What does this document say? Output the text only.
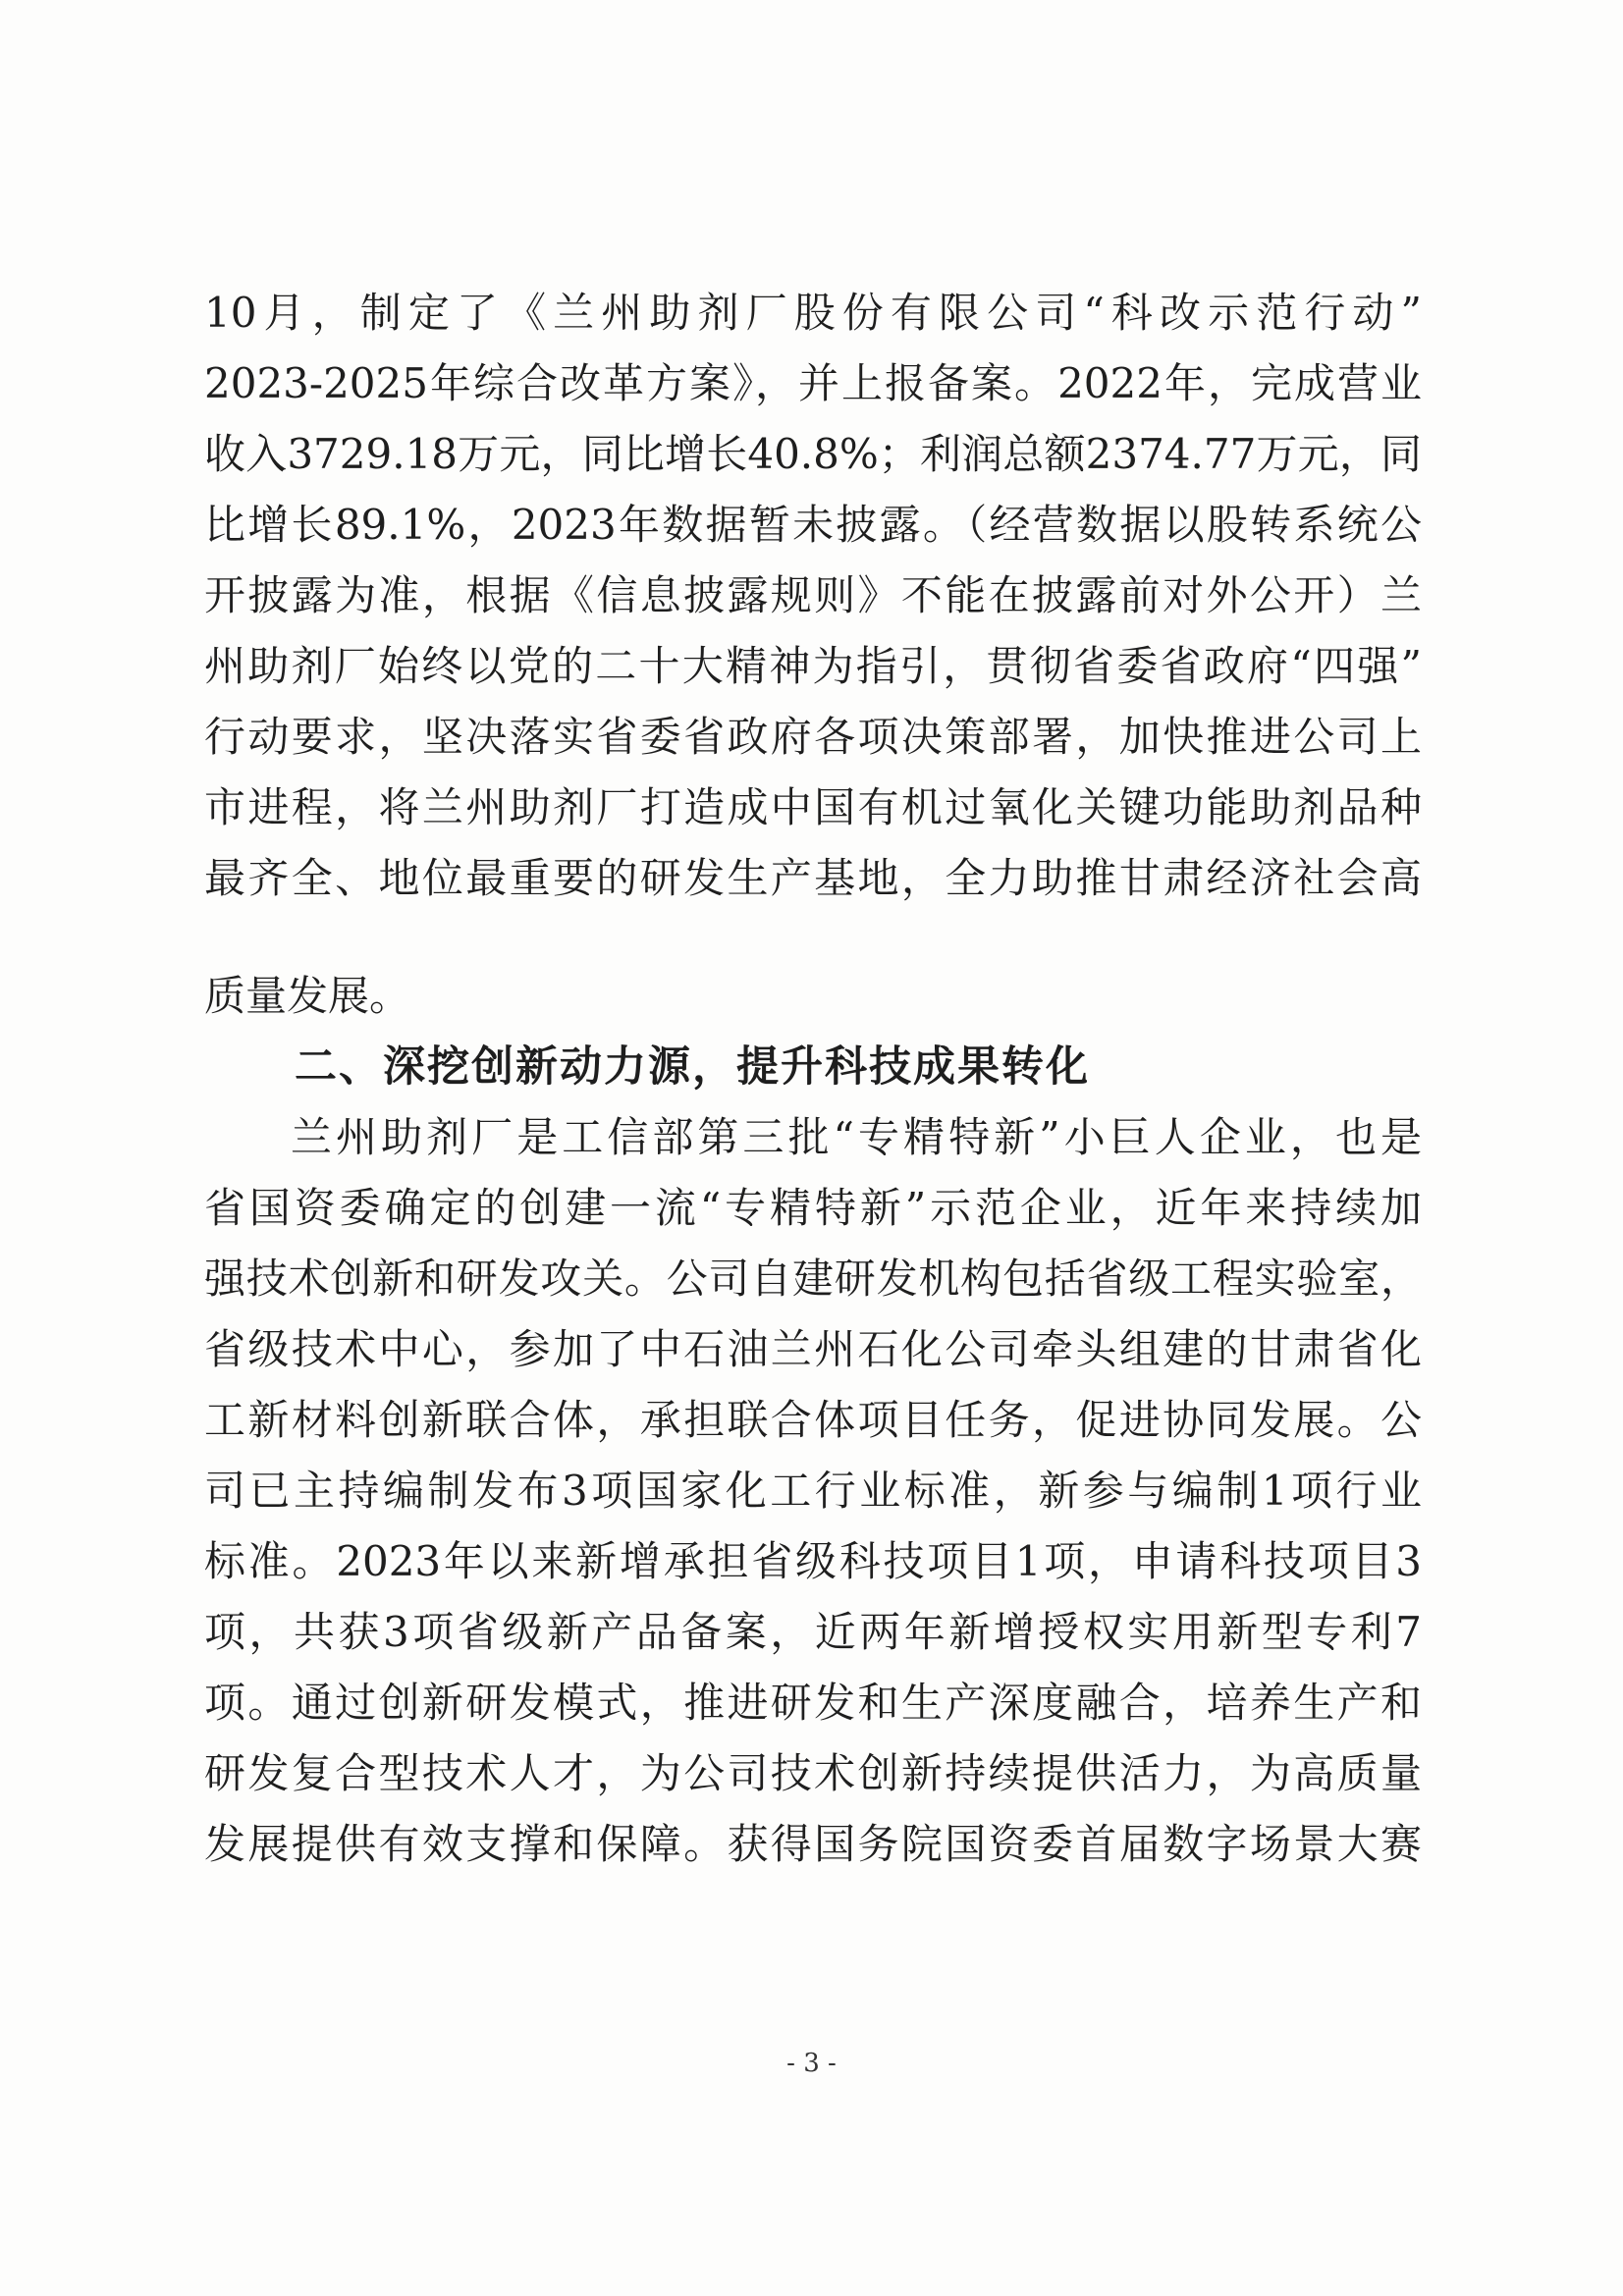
10月，制定了《兰州助剂厂股份有限公司“科改示范行动”
2023-2025年综合改革方案》，并上报备案。2022年，完成营业
收入3729.18万元，同比增长40.8%；利润总额2374.77万元，同
比增长89.1%，2023年数据暂未披露。（经营数据以股转系统公
开披露为准，根据《信息披露规则》不能在披露前对外公开）兰
州助剂厂始终以党的二十大精神为指引，贯彻省委省政府“四强”
行动要求，坚决落实省委省政府各项决策部署，加快推进公司上
市进程，将兰州助剂厂打造成中国有机过氧化关键功能助剂品种
最齐全、地位最重要的研发生产基地，全力助推甘肃经济社会高
质量发展。
二、深挖创新动力源，提升科技成果转化
兰州助剂厂是工信部第三批“专精特新”小巨人企业，也是
省国资委确定的创建一流“专精特新”示范企业，近年来持续加
强技术创新和研发攻关。公司自建研发机构包括省级工程实验室，
省级技术中心，参加了中石油兰州石化公司牵头组建的甘肃省化
工新材料创新联合体，承担联合体项目任务，促进协同发展。公
司已主持编制发布3项国家化工行业标准，新参与编制1项行业
标准。2023年以来新增承担省级科技项目1项，申请科技项目3
项，共获3项省级新产品备案，近两年新增授权实用新型专利7
项。通过创新研发模式，推进研发和生产深度融合，培养生产和
研发复合型技术人才，为公司技术创新持续提供活力，为高质量
发展提供有效支撑和保障。获得国务院国资委首届数字场景大赛
- 3 -
